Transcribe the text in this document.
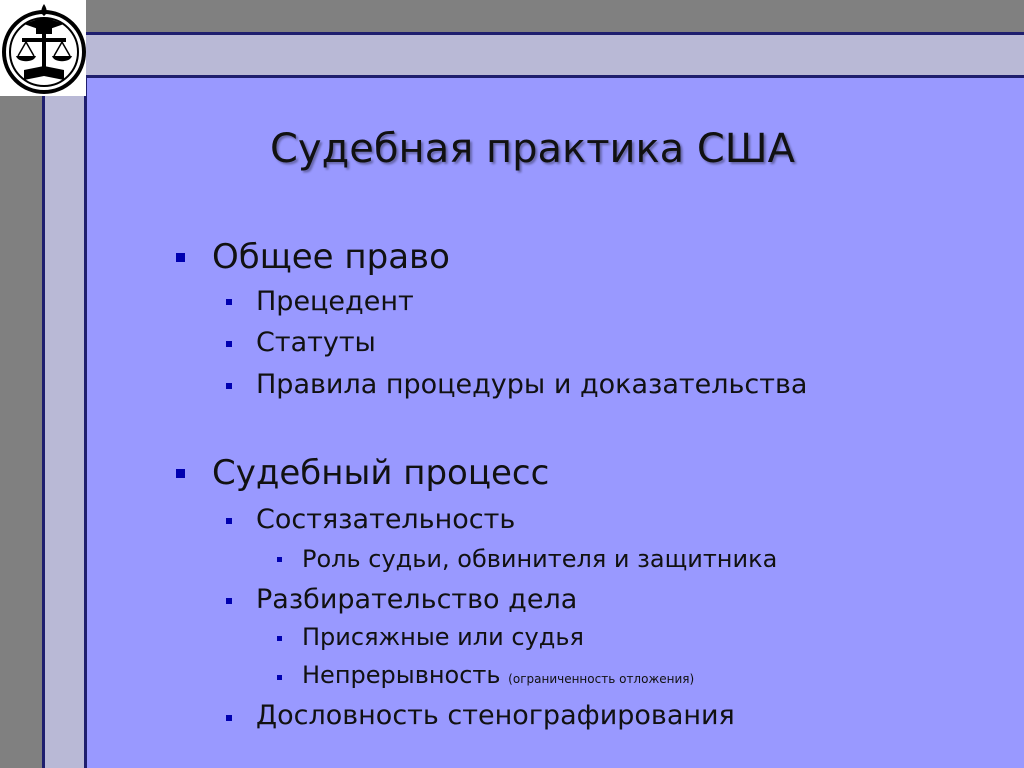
Судебная практика США
Общее право
Прецедент
Статуты
Правила процедуры и доказательства
Судебный процесс
Состязательность
Роль судьи, обвинителя и защитника
Разбирательство дела
Присяжные или судья
Непрерывность (ограниченность отложения)
Дословность стенографирования
